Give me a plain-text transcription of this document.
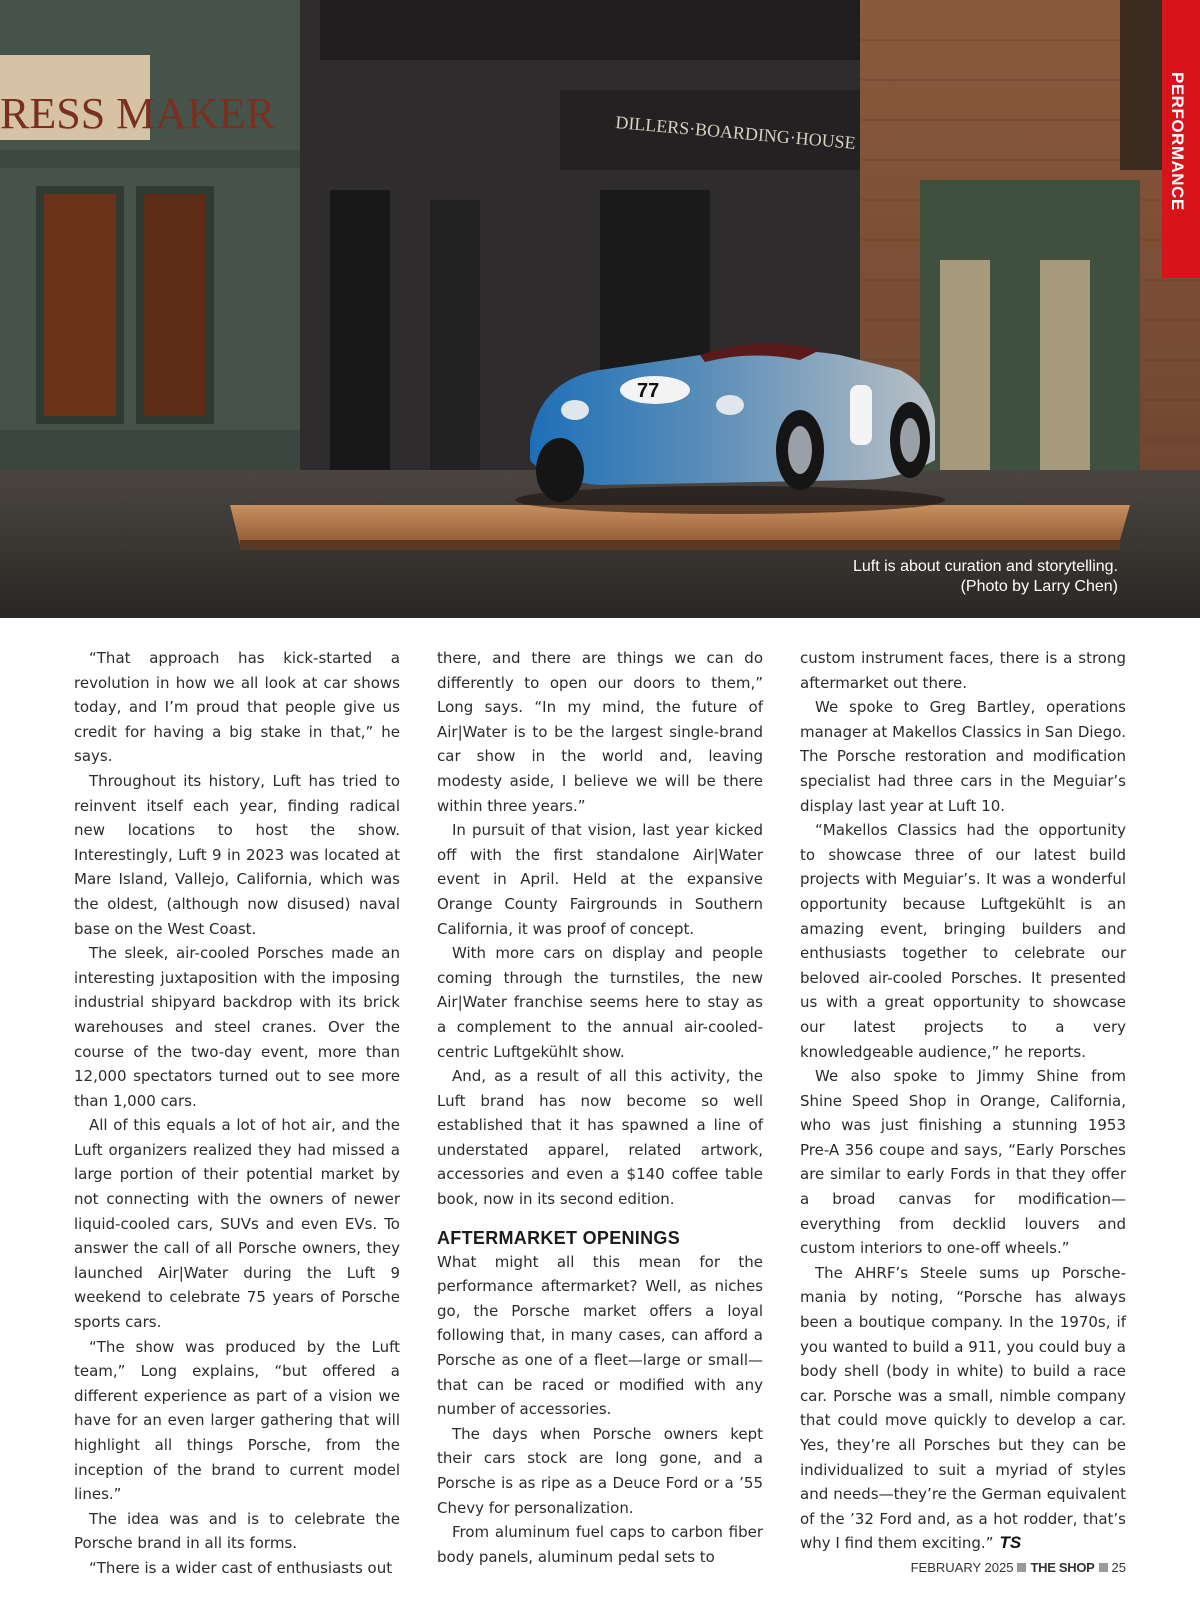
RESS MAKER	DILLERS·BOARDING·HOUSE
77
PERFORMANCE
Luft is about curation and storytelling.
(Photo by Larry Chen)

“That approach has kick-started a revolution in how we all look at car shows today, and I’m proud that people give us credit for having a big stake in that,” he says.

Throughout its history, Luft has tried to reinvent itself each year, finding radical new locations to host the show. Interestingly, Luft 9 in 2023 was located at Mare Island, Vallejo, California, which was the oldest, (although now disused) naval base on the West Coast.

The sleek, air-cooled Porsches made an interesting juxtaposition with the imposing industrial shipyard backdrop with its brick warehouses and steel cranes. Over the course of the two-day event, more than 12,000 spectators turned out to see more than 1,000 cars.

All of this equals a lot of hot air, and the Luft organizers realized they had missed a large portion of their potential market by not connecting with the owners of newer liquid-cooled cars, SUVs and even EVs. To answer the call of all Porsche owners, they launched Air|Water during the Luft 9 weekend to celebrate 75 years of Porsche sports cars.

“The show was produced by the Luft team,” Long explains, “but offered a different experience as part of a vision we have for an even larger gathering that will highlight all things Porsche, from the inception of the brand to current model lines.”

The idea was and is to celebrate the Porsche brand in all its forms.

“There is a wider cast of enthusiasts out

there, and there are things we can do differently to open our doors to them,” Long says. “In my mind, the future of Air|Water is to be the largest single-brand car show in the world and, leaving modesty aside, I believe we will be there within three years.”

In pursuit of that vision, last year kicked off with the first standalone Air|Water event in April. Held at the expansive Orange County Fairgrounds in Southern California, it was proof of concept.

With more cars on display and people coming through the turnstiles, the new Air|Water franchise seems here to stay as a complement to the annual air-cooled-centric Luftgekühlt show.

And, as a result of all this activity, the Luft brand has now become so well established that it has spawned a line of understated apparel, related artwork, accessories and even a $140 coffee table book, now in its second edition.

AFTERMARKET OPENINGS

What might all this mean for the performance aftermarket? Well, as niches go, the Porsche market offers a loyal following that, in many cases, can afford a Porsche as one of a fleet—large or small—that can be raced or modified with any number of accessories.

The days when Porsche owners kept their cars stock are long gone, and a Porsche is as ripe as a Deuce Ford or a ’55 Chevy for personalization.

From aluminum fuel caps to carbon fiber body panels, aluminum pedal sets to

custom instrument faces, there is a strong aftermarket out there.

We spoke to Greg Bartley, operations manager at Makellos Classics in San Diego. The Porsche restoration and modification specialist had three cars in the Meguiar’s display last year at Luft 10.

“Makellos Classics had the opportunity to showcase three of our latest build projects with Meguiar’s. It was a wonderful opportunity because Luftgekühlt is an amazing event, bringing builders and enthusiasts together to celebrate our beloved air-cooled Porsches. It presented us with a great opportunity to showcase our latest projects to a very knowledgeable audience,” he reports.

We also spoke to Jimmy Shine from Shine Speed Shop in Orange, California, who was just finishing a stunning 1953 Pre-A 356 coupe and says, “Early Porsches are similar to early Fords in that they offer a broad canvas for modification—everything from decklid louvers and custom interiors to one-off wheels.”

The AHRF’s Steele sums up Porsche-mania by noting, “Porsche has always been a boutique company. In the 1970s, if you wanted to build a 911, you could buy a body shell (body in white) to build a race car. Porsche was a small, nimble company that could move quickly to develop a car. Yes, they’re all Porsches but they can be individualized to suit a myriad of styles and needs—they’re the German equivalent of the ’32 Ford and, as a hot rodder, that’s why I find them exciting.” TS

FEBRUARY 2025 THE SHOP 25
